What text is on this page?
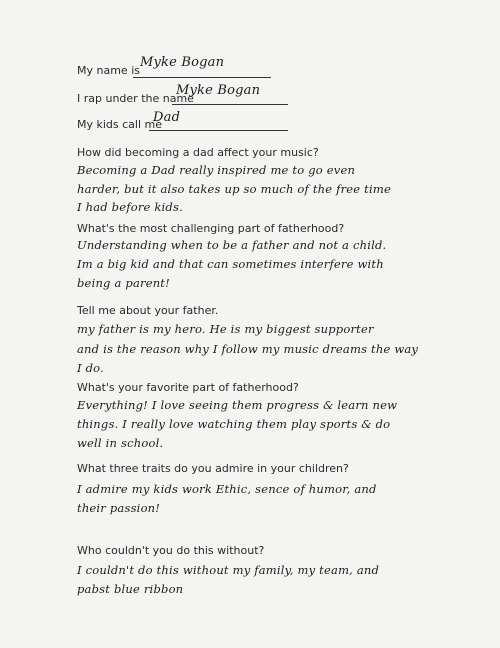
My name is
Myke Bogan
I rap under the name
Myke Bogan
My kids call me
Dad
How did becoming a dad affect your music?
Becoming a Dad really inspired me to go even
harder, but it also takes up so much of the free time
I had before kids.
What's the most challenging part of fatherhood?
Understanding when to be a father and not a child.
Im a big kid and that can sometimes interfere with
being a parent!
Tell me about your father.
my father is my hero. He is my biggest supporter
and is the reason why I follow my music dreams the way
I do.
What's your favorite part of fatherhood?
Everything! I love seeing them progress & learn new
things. I really love watching them play sports & do
well in school.
What three traits do you admire in your children?
I admire my kids work Ethic, sence of humor, and
their passion!
Who couldn't you do this without?
I couldn't do this without my family, my team, and
pabst blue ribbon
